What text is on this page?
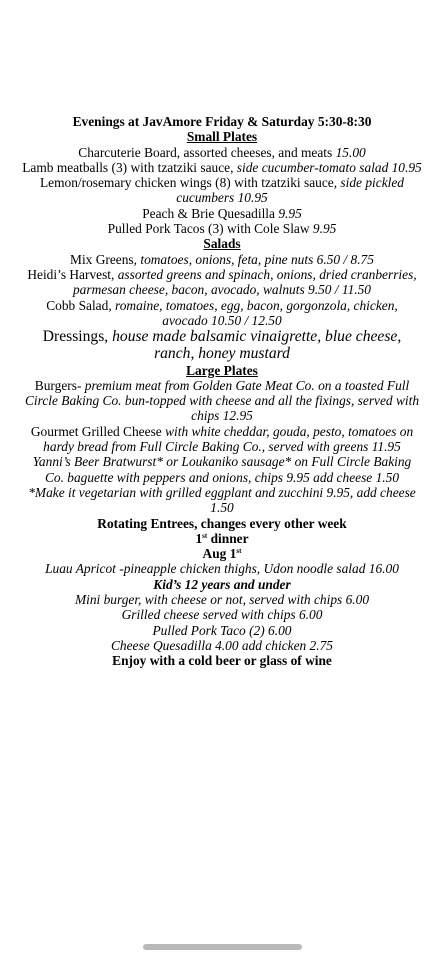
Evenings at JavAmore Friday & Saturday 5:30-8:30

Small Plates

Charcuterie Board, assorted cheeses, and meats 15.00

Lamb meatballs (3) with tzatziki sauce, side cucumber-tomato salad 10.95

Lemon/rosemary chicken wings (8) with tzatziki sauce, side pickled cucumbers 10.95

Peach & Brie Quesadilla 9.95

Pulled Pork Tacos (3) with Cole Slaw 9.95

Salads

Mix Greens, tomatoes, onions, feta, pine nuts 6.50 / 8.75

Heidi’s Harvest, assorted greens and spinach, onions, dried cranberries, parmesan cheese, bacon, avocado, walnuts 9.50 / 11.50

Cobb Salad, romaine, tomatoes, egg, bacon, gorgonzola, chicken, avocado 10.50 / 12.50

Dressings, house made balsamic vinaigrette, blue cheese, ranch, honey mustard

Large Plates

Burgers- premium meat from Golden Gate Meat Co. on a toasted Full Circle Baking Co. bun-topped with cheese and all the fixings, served with chips 12.95

Gourmet Grilled Cheese with white cheddar, gouda, pesto, tomatoes on hardy bread from Full Circle Baking Co., served with greens 11.95

Yanni’s Beer Bratwurst* or Loukaniko sausage* on Full Circle Baking Co. baguette with peppers and onions, chips 9.95 add cheese 1.50

*Make it vegetarian with grilled eggplant and zucchini 9.95, add cheese 1.50

Rotating Entrees, changes every other week

1st dinner

Aug 1st

Luau Apricot -pineapple chicken thighs, Udon noodle salad 16.00

Kid’s 12 years and under

Mini burger, with cheese or not, served with chips 6.00

Grilled cheese served with chips 6.00

Pulled Pork Taco (2) 6.00

Cheese Quesadilla 4.00 add chicken 2.75

Enjoy with a cold beer or glass of wine
